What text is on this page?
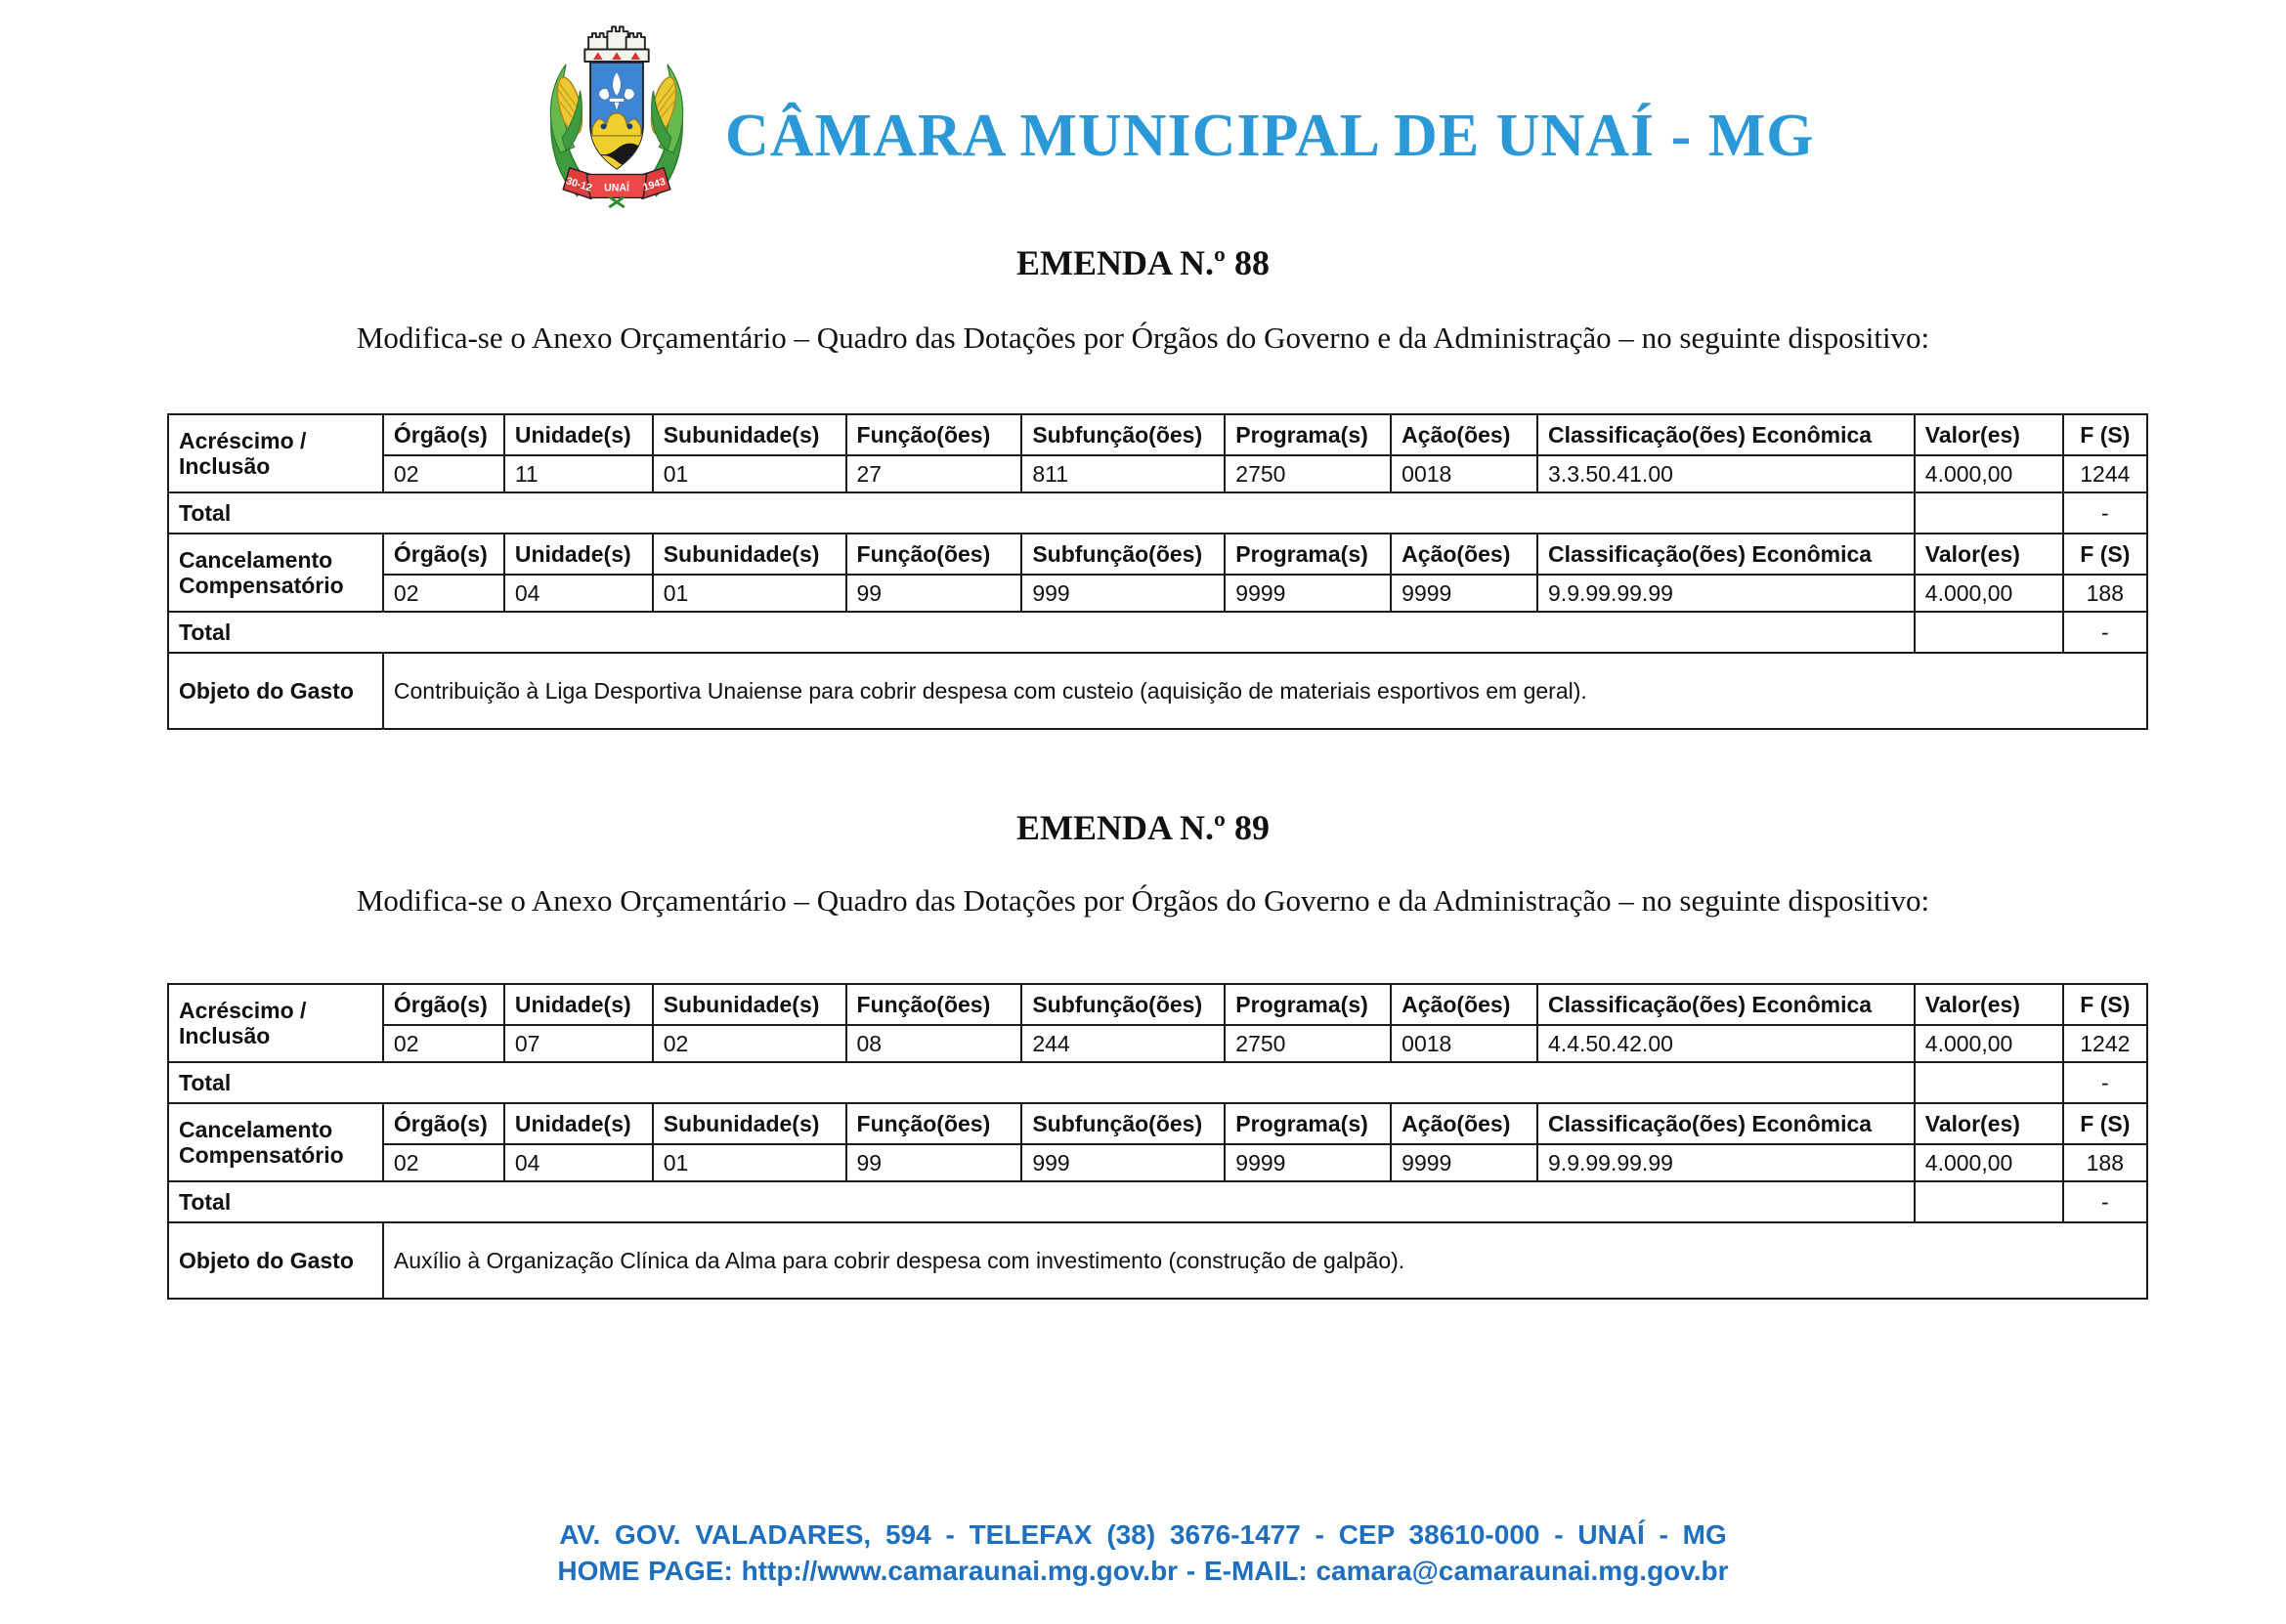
30-12 UNAÍ 1943
CÂMARA MUNICIPAL DE UNAÍ - MG
EMENDA N.º 88

Modifica-se o Anexo Orçamentário – Quadro das Dotações por Órgãos do Governo e da Administração – no seguinte dispositivo:

Acréscimo / Inclusão	Órgão(s)	Unidade(s)	Subunidade(s)	Função(ões)	Subfunção(ões)	Programa(s)	Ação(ões)	Classificação(ões) Econômica	Valor(es)	F (S)
	02	11	01	27	811	2750	0018	3.3.50.41.00	4.000,00	1244
Total										-
Cancelamento Compensatório	Órgão(s)	Unidade(s)	Subunidade(s)	Função(ões)	Subfunção(ões)	Programa(s)	Ação(ões)	Classificação(ões) Econômica	Valor(es)	F (S)
	02	04	01	99	999	9999	9999	9.9.99.99.99	4.000,00	188
Total										-
Objeto do Gasto	Contribuição à Liga Desportiva Unaiense para cobrir despesa com custeio (aquisição de materiais esportivos em geral).									
EMENDA N.º 89

Modifica-se o Anexo Orçamentário – Quadro das Dotações por Órgãos do Governo e da Administração – no seguinte dispositivo:

Acréscimo / Inclusão	Órgão(s)	Unidade(s)	Subunidade(s)	Função(ões)	Subfunção(ões)	Programa(s)	Ação(ões)	Classificação(ões) Econômica	Valor(es)	F (S)
	02	07	02	08	244	2750	0018	4.4.50.42.00	4.000,00	1242
Total										-
Cancelamento Compensatório	Órgão(s)	Unidade(s)	Subunidade(s)	Função(ões)	Subfunção(ões)	Programa(s)	Ação(ões)	Classificação(ões) Econômica	Valor(es)	F (S)
	02	04	01	99	999	9999	9999	9.9.99.99.99	4.000,00	188
Total										-
Objeto do Gasto	Auxílio à Organização Clínica da Alma para cobrir despesa com investimento (construção de galpão).									
AV. GOV. VALADARES, 594 - TELEFAX (38) 3676-1477 - CEP 38610-000 - UNAÍ - MG
HOME PAGE: http://www.camaraunai.mg.gov.br - E-MAIL: camara@camaraunai.mg.gov.br
